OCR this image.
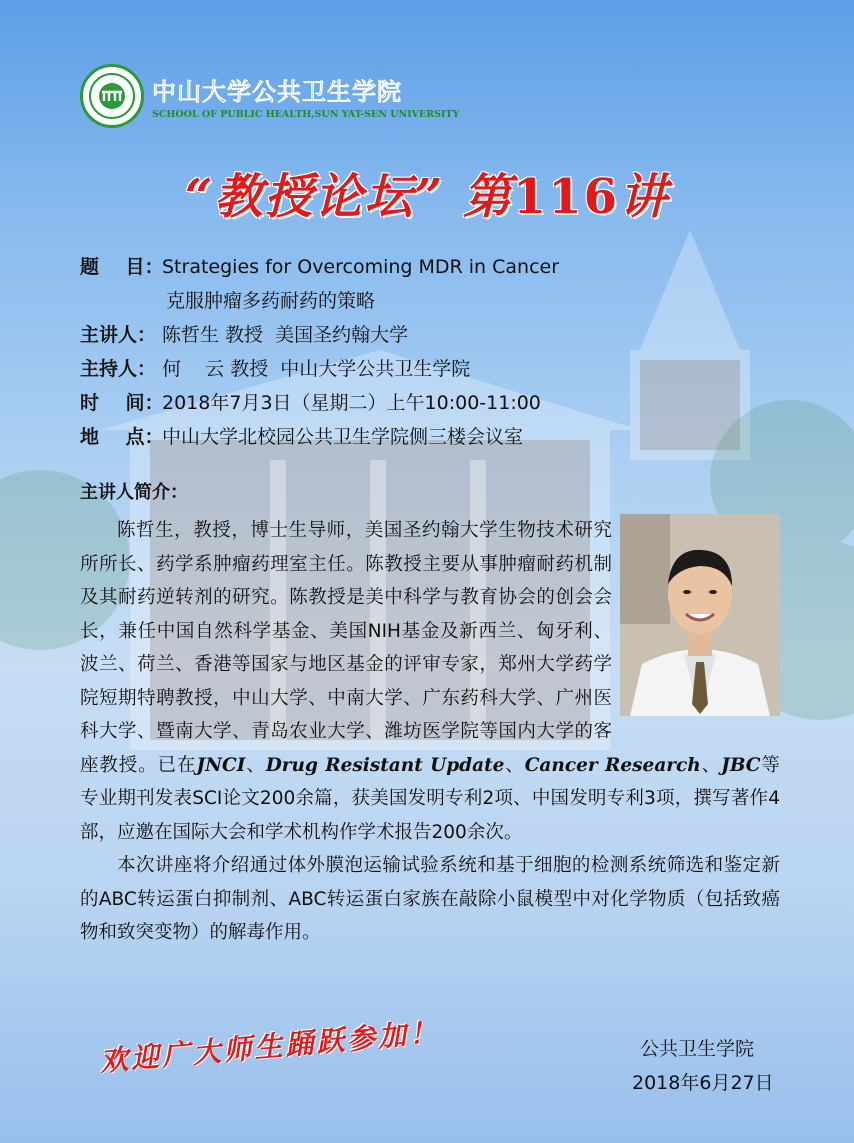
中山大学公共卫生学院
SCHOOL OF PUBLIC HEALTH,SUN YAT-SEN UNIVERSITY
“教授论坛” 第116讲
题    目：
Strategies for Overcoming MDR in Cancer
克服肿瘤多药耐药的策略
主讲人： 陈哲生 教授  美国圣约翰大学
主持人： 何    云 教授  中山大学公共卫生学院
时    间：
2018年7月3日（星期二）上午10:00-11:00
地    点：
中山大学北校园公共卫生学院侧三楼会议室
主讲人简介：

陈哲生，教授，博士生导师，美国圣约翰大学生物技术研究所所长、药学系肿瘤药理室主任。陈教授主要从事肿瘤耐药机制及其耐药逆转剂的研究。陈教授是美中科学与教育协会的创会会长，兼任中国自然科学基金、美国NIH基金及新西兰、匈牙利、波兰、荷兰、香港等国家与地区基金的评审专家，郑州大学药学院短期特聘教授，中山大学、中南大学、广东药科大学、广州医科大学、暨南大学、青岛农业大学、潍坊医学院等国内大学的客座教授。已在JNCI、Drug Resistant Update、Cancer Research、JBC等专业期刊发表SCI论文200余篇，获美国发明专利2项、中国发明专利3项，撰写著作4部，应邀在国际大会和学术机构作学术报告200余次。

本次讲座将介绍通过体外膜泡运输试验系统和基于细胞的检测系统筛选和鉴定新的ABC转运蛋白抑制剂、ABC转运蛋白家族在敲除小鼠模型中对化学物质（包括致癌物和致突变物）的解毒作用。

欢迎广大师生踊跃参加！	公共卫生学院
2018年6月27日
